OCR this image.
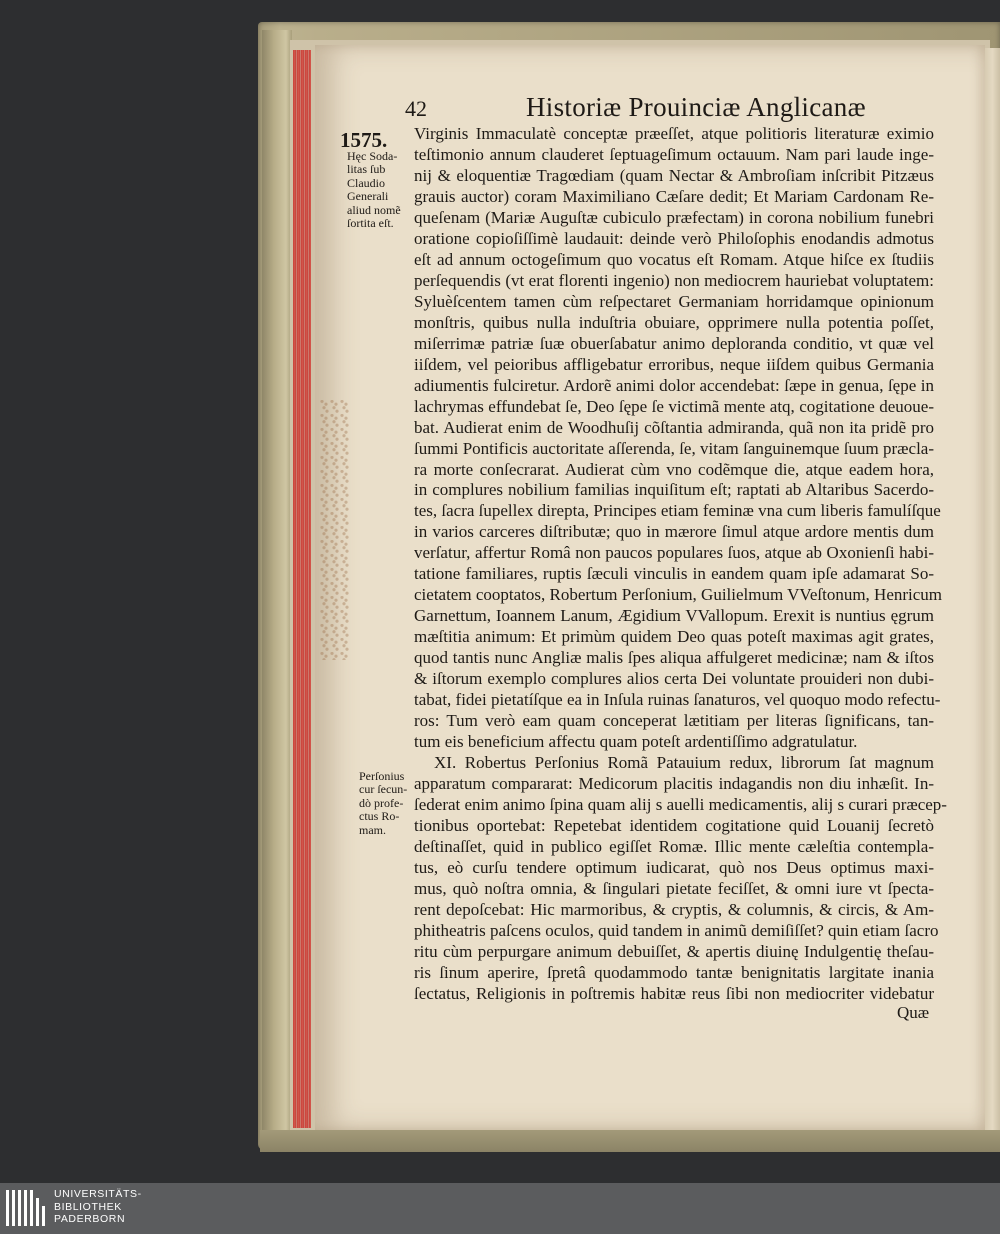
42	Historiæ Prouinciæ Anglicanæ
1575.
Hęc Soda-
litas ſub
Claudio
Generali
aliud nomẽ
ſortita eſt.
Perſonius
cur ſecun-
dò profe-
ctus Ro-
mam.
Virginis Immaculatè conceptæ præeſſet, atque politioris literaturæ eximio
teſtimonio annum clauderet ſeptuageſimum octauum. Nam pari laude inge-
nij & eloquentiæ Tragœdiam (quam Nectar & Ambroſiam inſcribit Pitzæus
grauis auctor) coram Maximiliano Cæſare dedit; Et Mariam Cardonam Re-
queſenam (Mariæ Auguſtæ cubiculo præfectam) in corona nobilium funebri
oratione copioſiſſimè laudauit: deinde verò Philoſophis enodandis admotus
eſt ad annum octogeſimum quo vocatus eſt Romam. Atque hiſce ex ſtudiis
perſequendis (vt erat florenti ingenio) non mediocrem hauriebat voluptatem:
Syluèſcentem tamen cùm reſpectaret Germaniam horridamque opinionum
monſtris, quibus nulla induſtria obuiare, opprimere nulla potentia poſſet,
miſerrimæ patriæ ſuæ obuerſabatur animo deploranda conditio, vt quæ vel
iiſdem, vel peioribus affligebatur erroribus, neque iiſdem quibus Germania
adiumentis fulciretur. Ardorẽ animi dolor accendebat: ſæpe in genua, ſępe in
lachrymas effundebat ſe, Deo ſępe ſe victimã mente atq, cogitatione deuoue-
bat. Audierat enim de Woodhuſij cõſtantia admiranda, quã non ita pridẽ pro
ſummi Pontificis auctoritate aſſerenda, ſe, vitam ſanguinemque ſuum præcla-
ra morte conſecrarat. Audierat cùm vno codẽmque die, atque eadem hora,
in complures nobilium familias inquiſitum eſt; raptati ab Altaribus Sacerdo-
tes, ſacra ſupellex direpta, Principes etiam feminæ vna cum liberis famulíſque
in varios carceres diſtributæ; quo in mærore ſimul atque ardore mentis dum
verſatur, affertur Româ non paucos populares ſuos, atque ab Oxonienſi habi-
tatione familiares, ruptis ſæculi vinculis in eandem quam ipſe adamarat So-
cietatem cooptatos, Robertum Perſonium, Guilielmum VVeſtonum, Henricum
Garnettum, Ioannem Lanum, Ægidium VVallopum. Erexit is nuntius ęgrum
mæſtitia animum: Et primùm quidem Deo quas poteſt maximas agit grates,
quod tantis nunc Angliæ malis ſpes aliqua affulgeret medicinæ; nam & iſtos
& iſtorum exemplo complures alios certa Dei voluntate prouideri non dubi-
tabat, fidei pietatíſque ea in Inſula ruinas ſanaturos, vel quoquo modo refectu-
ros: Tum verò eam quam conceperat lætitiam per literas ſignificans, tan-
tum eis beneficium affectu quam poteſt ardentiſſimo adgratulatur.
XI. Robertus Perſonius Romã Patauium redux, librorum ſat magnum
apparatum compararat: Medicorum placitis indagandis non diu inhæſit. In-
ſederat enim animo ſpina quam alij s auelli medicamentis, alij s curari præcep-
tionibus oportebat: Repetebat identidem cogitatione quid Louanij ſecretò
deſtinaſſet, quid in publico egiſſet Romæ. Illic mente cæleſtia contempla-
tus, eò curſu tendere optimum iudicarat, quò nos Deus optimus maxi-
mus, quò noſtra omnia, & ſingulari pietate feciſſet, & omni iure vt ſpecta-
rent depoſcebat: Hic marmoribus, & cryptis, & columnis, & circis, & Am-
phitheatris paſcens oculos, quid tandem in animũ demiſiſſet? quin etiam ſacro
ritu cùm perpurgare animum debuiſſet, & apertis diuinę Indulgentię theſau-
ris ſinum aperire, ſpretâ quodammodo tantæ benignitatis largitate inania
ſectatus, Religionis in poſtremis habitæ reus ſibi non mediocriter videbatur
Quæ
UNIVERSITÄTS-
BIBLIOTHEK
PADERBORN
